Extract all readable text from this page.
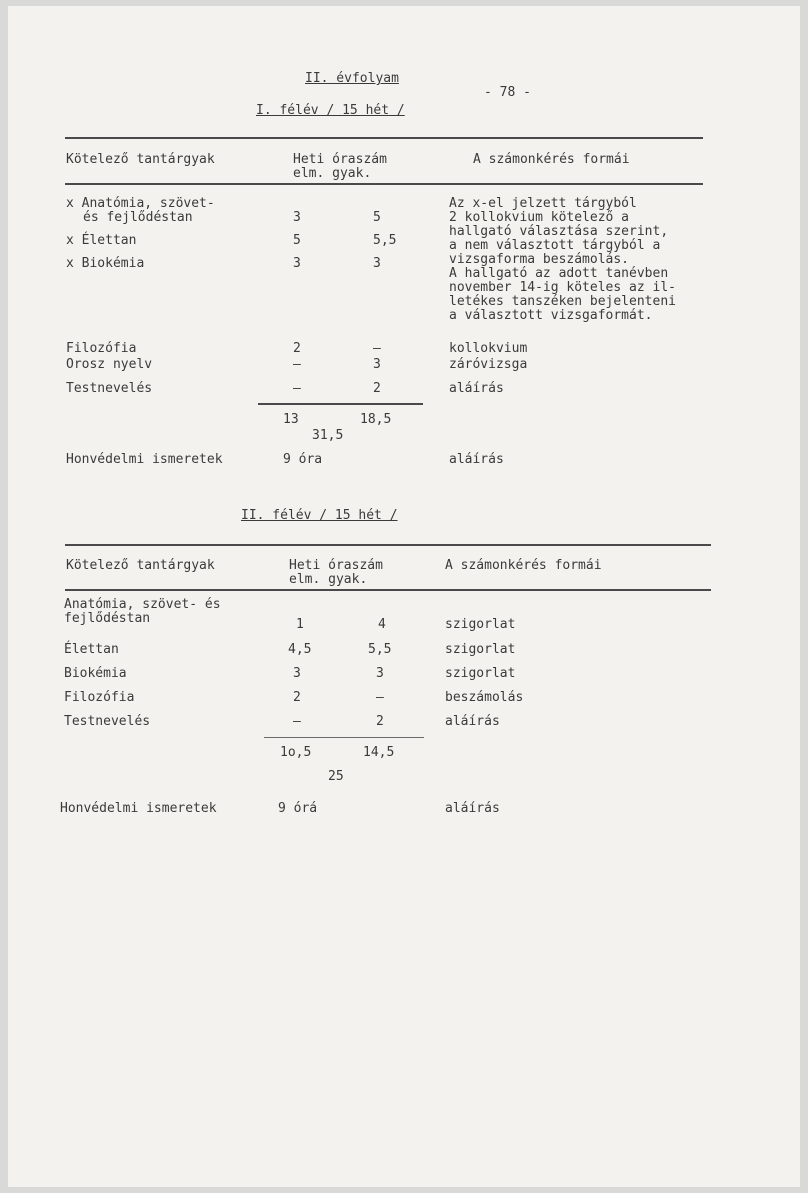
II. évfolyam
- 78 -
I. félév / 15 hét /
Kötelező tantárgyak	Heti óraszám
elm. gyak.
A számonkérés formái
x Anatómia, szövet-
és fejlődéstan	3	5
x Élettan	5	5,5
x Biokémia	3	3
Az x-el jelzett tárgyból
2 kollokvium kötelező a
hallgató választása szerint,
a nem választott tárgyból a
vizsgaforma beszámolás.
A hallgató az adott tanévben
november 14-ig köteles az il-
letékes tanszéken bejelenteni
a választott vizsgaformát.
Filozófia	2	–	kollokvium
Orosz nyelv	–	3	záróvizsga
Testnevelés	–	2	aláírás
13	18,5
31,5
Honvédelmi ismeretek	9 óra	aláírás
II. félév / 15 hét /
Kötelező tantárgyak	Heti óraszám
elm. gyak.
A számonkérés formái
Anatómia, szövet- és
fejlődéstan	1	4	szigorlat
Élettan	4,5	5,5	szigorlat
Biokémia	3	3	szigorlat
Filozófia	2	–	beszámolás
Testnevelés	–	2	aláírás
1o,5	14,5
25
Honvédelmi ismeretek	9 órá	aláírás
